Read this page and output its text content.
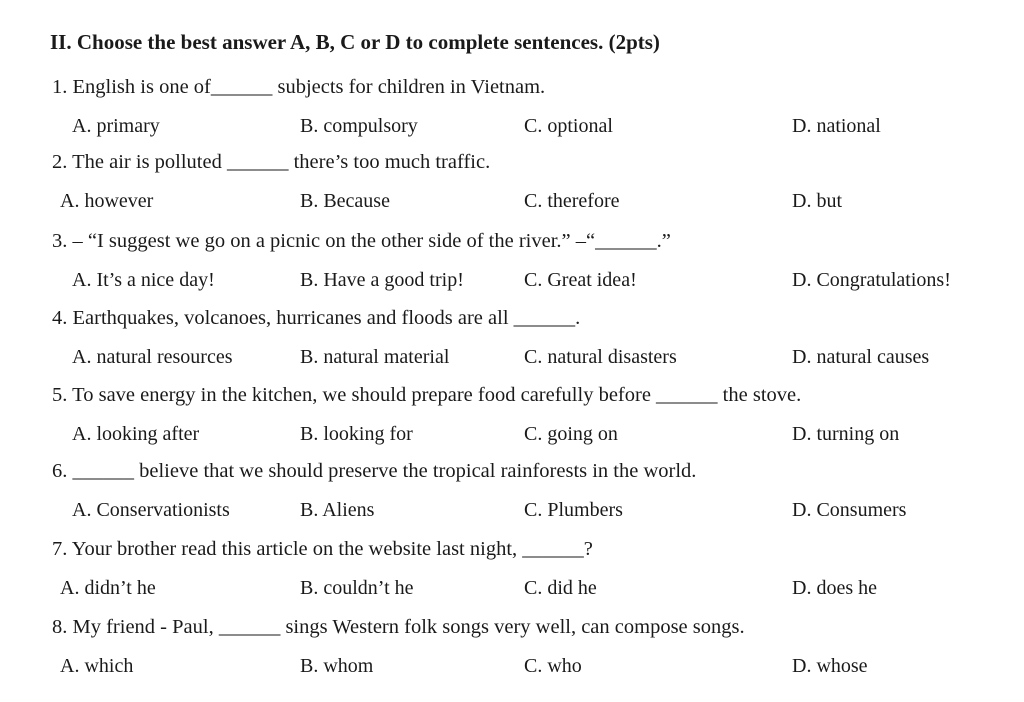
II. Choose the best answer A, B, C or D to complete sentences. (2pts)
1. English is one of______ subjects for children in Vietnam.
A. primary	B. compulsory	C. optional	D. national
2. The air is polluted ______ there’s too much traffic.
A. however	B. Because	C. therefore	D. but
3. – “I suggest we go on a picnic on the other side of the river.” –“______.”
A. It’s a nice day!	B. Have a good trip!	C. Great idea!	D. Congratulations!
4. Earthquakes, volcanoes, hurricanes and floods are all ______.
A. natural resources	B. natural material	C. natural disasters	D. natural causes
5. To save energy in the kitchen, we should prepare food carefully before ______ the stove.
A. looking after	B. looking for	C. going on	D. turning on
6. ______ believe that we should preserve the tropical rainforests in the world.
A. Conservationists	B. Aliens	C. Plumbers	D. Consumers
7. Your brother read this article on the website last night, ______?
A. didn’t he	B. couldn’t he	C. did he	D. does he
8. My friend - Paul, ______ sings Western folk songs very well, can compose songs.
A. which	B. whom	C. who	D. whose
